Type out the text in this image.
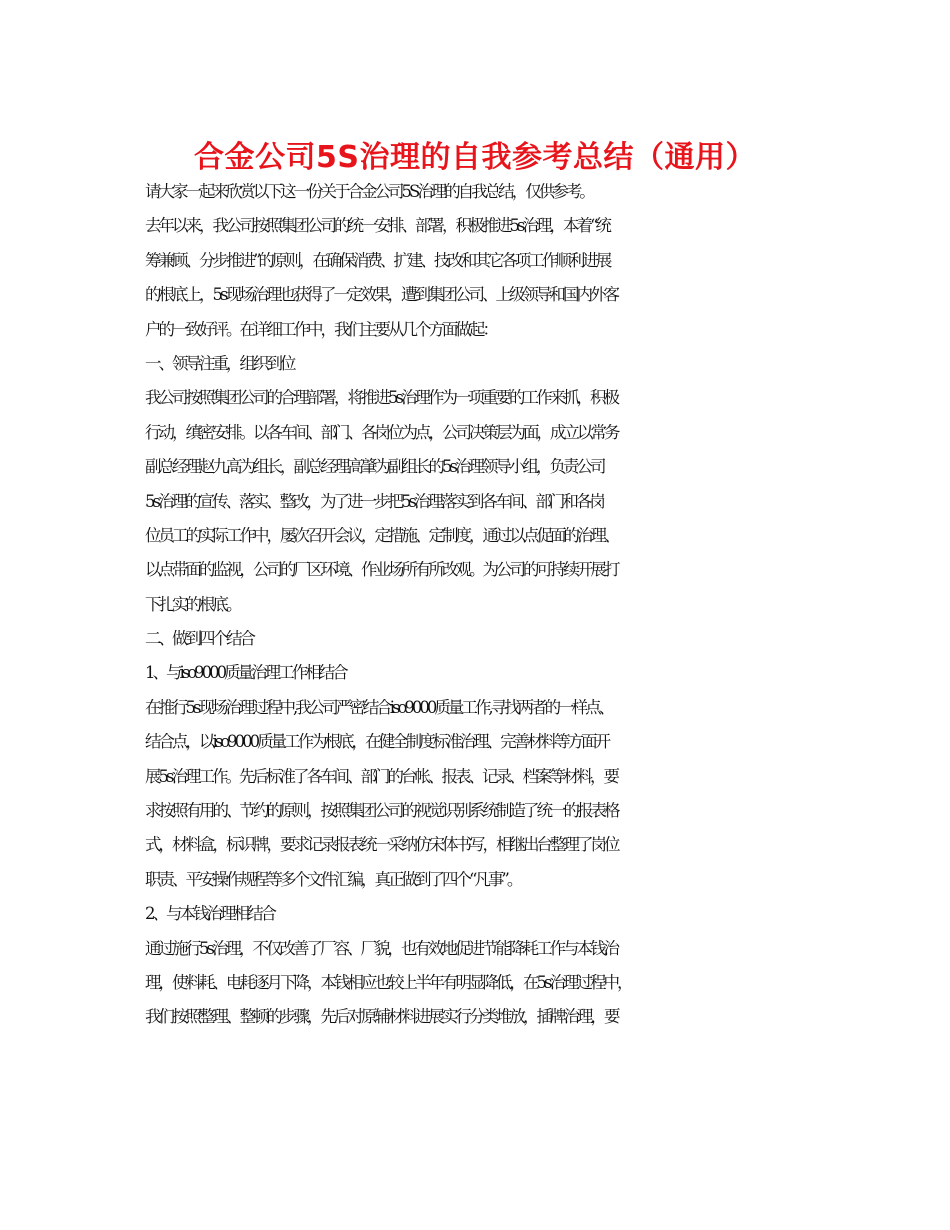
合金公司5S治理的自我参考总结（通用）
请大家一起来欣赏以下这一份关于合金公司5S治理的自我总结，仅供参考。
去年以来，我公司按照集团公司的统一安排、部署，积极推进5s治理，本着“统
筹兼顾、分步推进”的原则，在确保消费、扩建、技改和其它各项工作顺利进展
的根底上，5s现场治理也获得了一定效果，遭到集团公司、上级领导和国内外客
户的一致好评。在详细工作中，我们主要从几个方面做起：
一、领导注重，组织到位
我公司按照集团公司的合理部署，将推进5s治理作为一项重要的工作来抓，积极
行动，缜密安排。以各车间、部门、各岗位为点，公司决策层为面，成立以常务
副总经理赵九高为组长，副总经理高肇为副组长的5s治理领导小组，负责公司
5s治理的宣传、落实、整改，为了进一步把5s治理落实到各车间、部门和各岗
位员工的实际工作中，屡次召开会议，定措施、定制度，通过以点促面的治理、
以点带面的监视，公司的厂区环境、作业场所有所改观。为公司的可持续开展打
下扎实的根底。
二、做到四个结合
1、与iso9000质量治理工作相结合
在推行5s现场治理过程中,我公司严密结合iso9000质量工作,寻找两者的一样点、
结合点，以iso9000质量工作为根底，在健全制度标准治理、完善材料等方面开
展5s治理工作。先后标准了各车间、部门的台帐、报表、记录、档案等材料，要
求按照有用的、节约的原则，按照集团公司的视觉识别系统制造了统一的报表格
式，材料盒，标识牌，要求记录报表统一采纳仿宋体书写，相继出台整理了岗位
职责、平安操作规程等多个文件汇编，真正做到了四个“凡事”。
2、与本钱治理相结合
通过施行5s治理，不仅改善了厂容、厂貌，也有效地促进节能降耗工作与本钱治
理，使料耗、电耗逐月下降，本钱相应也较上半年有明显降低，在5s治理过程中，
我们按照整理、整顿的步骤，先后对原辅材料进展实行分类堆放，插牌治理，要
